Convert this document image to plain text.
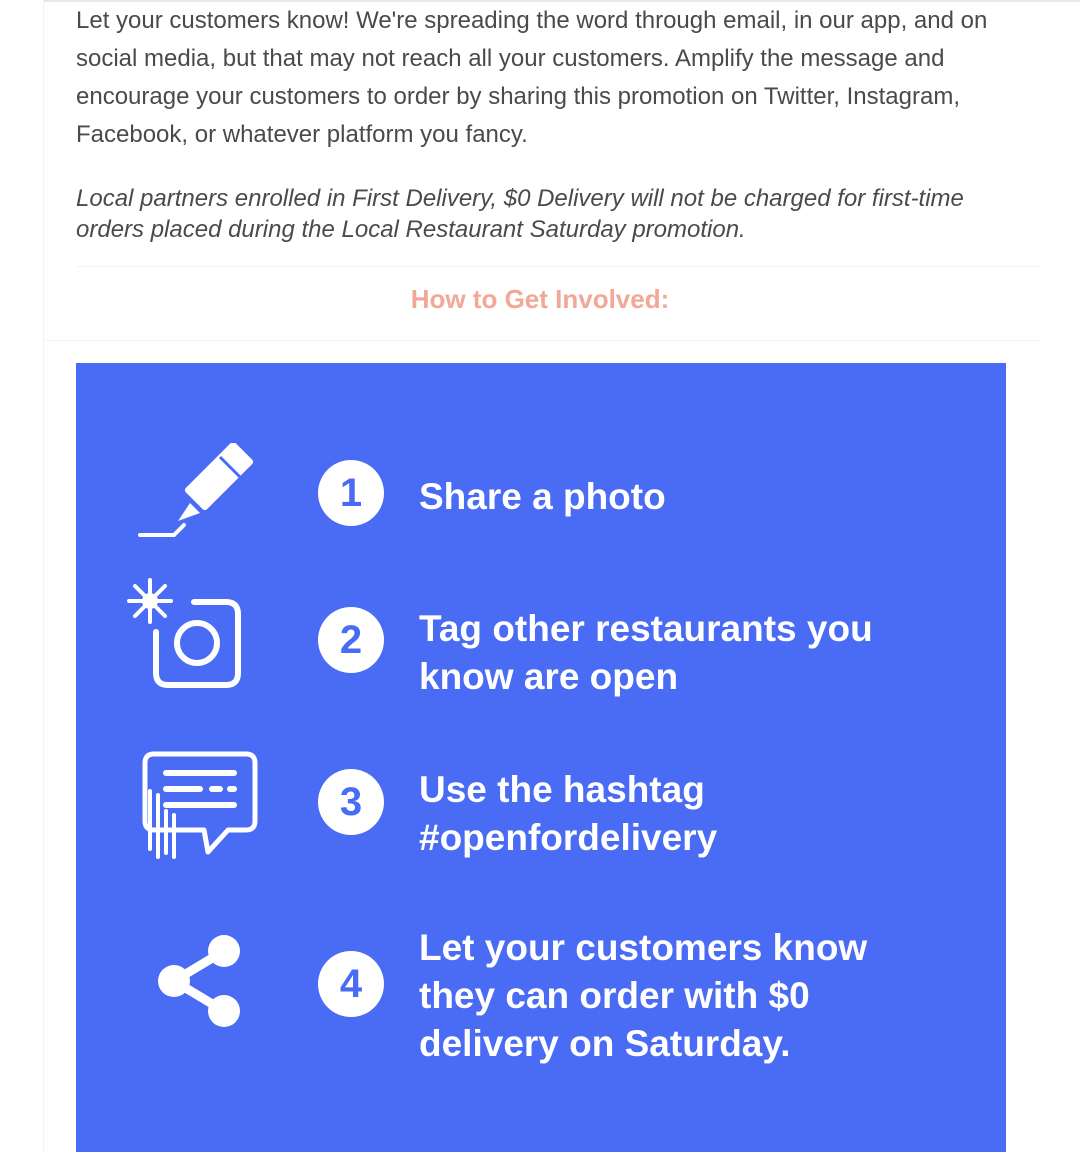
Let your customers know! We're spreading the word through email, in our app, and on social media, but that may not reach all your customers. Amplify the message and encourage your customers to order by sharing this promotion on Twitter, Instagram, Facebook, or whatever platform you fancy.

Local partners enrolled in First Delivery, $0 Delivery will not be charged for first-time orders placed during the Local Restaurant Saturday promotion.

How to Get Involved:
1	Share a photo
2	Tag other restaurants you know are open
3	Use the hashtag #openfordelivery
4
Let your customers know they can order with $0 delivery on Saturday.
